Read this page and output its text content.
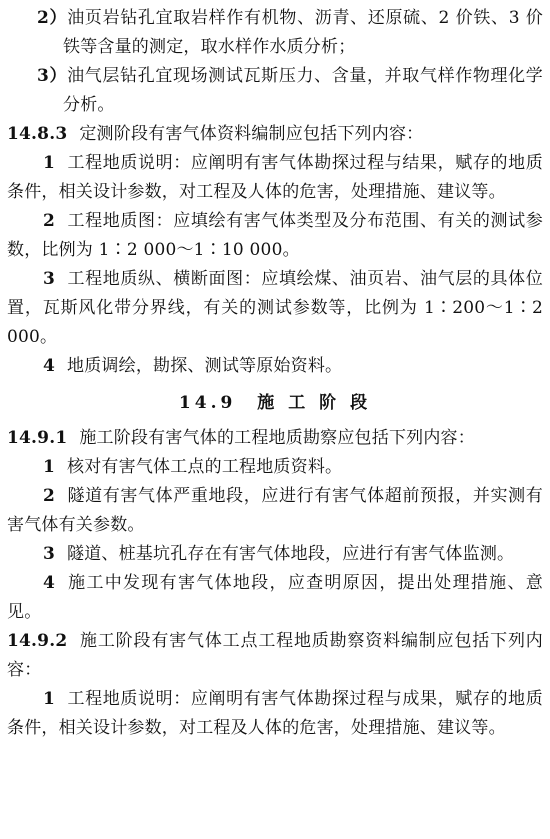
2）油页岩钻孔宜取岩样作有机物、沥青、还原硫、2 价铁、3 价铁等含量的测定，取水样作水质分析；

3）油气层钻孔宜现场测试瓦斯压力、含量，并取气样作物理化学分析。

14.8.3 定测阶段有害气体资料编制应包括下列内容：

1 工程地质说明：应阐明有害气体勘探过程与结果，赋存的地质条件，相关设计参数，对工程及人体的危害，处理措施、建议等。

2 工程地质图：应填绘有害气体类型及分布范围、有关的测试参数，比例为 1∶2 000～1∶10 000。

3 工程地质纵、横断面图：应填绘煤、油页岩、油气层的具体位置，瓦斯风化带分界线，有关的测试参数等，比例为 1∶200～1∶2 000。

4 地质调绘，勘探、测试等原始资料。

14.9　施 工 阶 段

14.9.1 施工阶段有害气体的工程地质勘察应包括下列内容：

1 核对有害气体工点的工程地质资料。

2 隧道有害气体严重地段，应进行有害气体超前预报，并实测有害气体有关参数。

3 隧道、桩基坑孔存在有害气体地段，应进行有害气体监测。

4 施工中发现有害气体地段，应查明原因，提出处理措施、意见。

14.9.2 施工阶段有害气体工点工程地质勘察资料编制应包括下列内容：

1 工程地质说明：应阐明有害气体勘探过程与成果，赋存的地质条件，相关设计参数，对工程及人体的危害，处理措施、建议等。
